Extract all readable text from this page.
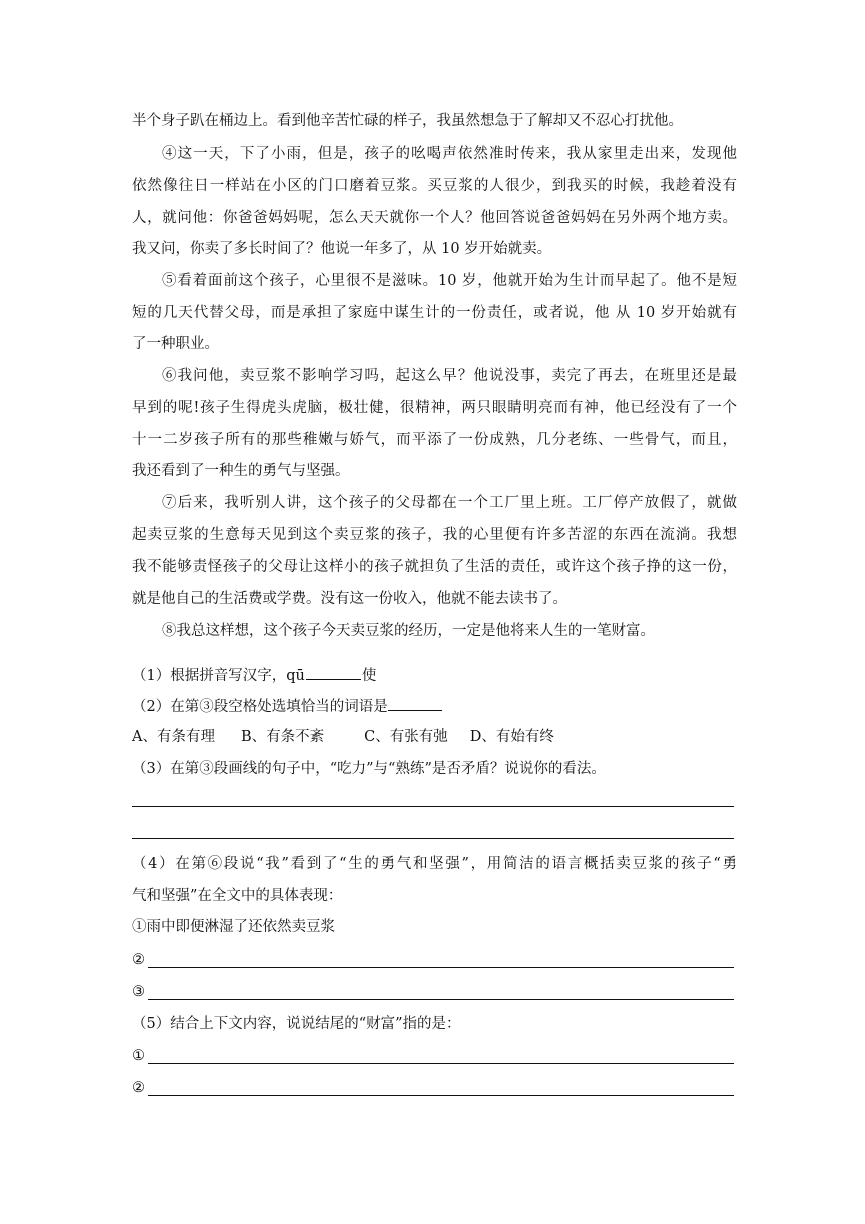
半个身子趴在桶边上。看到他辛苦忙碌的样子，我虽然想急于了解却又不忍心打扰他。
④这一天，下了小雨，但是，孩子的吆喝声依然准时传来，我从家里走出来，发现他
依然像往日一样站在小区的门口磨着豆浆。买豆浆的人很少，到我买的时候，我趁着没有
人，就问他：你爸爸妈妈呢，怎么天天就你一个人？他回答说爸爸妈妈在另外两个地方卖。
我又问，你卖了多长时间了？他说一年多了，从 10 岁开始就卖。
⑤看着面前这个孩子，心里很不是滋味。10 岁，他就开始为生计而早起了。他不是短
短的几天代替父母，而是承担了家庭中谋生计的一份责任，或者说，他 从 10 岁开始就有
了一种职业。
⑥我问他，卖豆浆不影响学习吗，起这么早？他说没事，卖完了再去，在班里还是最
早到的呢!孩子生得虎头虎脑，极壮健，很精神，两只眼睛明亮而有神，他已经没有了一个
十一二岁孩子所有的那些稚嫩与娇气，而平添了一份成熟，几分老练、一些骨气，而且，
我还看到了一种生的勇气与坚强。
⑦后来，我听别人讲，这个孩子的父母都在一个工厂里上班。工厂停产放假了，就做
起卖豆浆的生意每天见到这个卖豆浆的孩子，我的心里便有许多苦涩的东西在流淌。我想
我不能够责怪孩子的父母让这样小的孩子就担负了生活的责任，或许这个孩子挣的这一份，
就是他自己的生活费或学费。没有这一份收入，他就不能去读书了。
⑧我总这样想，这个孩子今天卖豆浆的经历，一定是他将来人生的一笔财富。
（1）根据拼音写汉字，qū	使
（2）在第③段空格处选填恰当的词语是
A、有条有理 B、有条不紊	C、有张有弛 D、有始有终
（3）在第③段画线的句子中，“吃力”与“熟练”是否矛盾？说说你的看法。
（4）在第⑥段说“我”看到了“生的勇气和坚强”，用简洁的语言概括卖豆浆的孩子“勇
气和坚强”在全文中的具体表现：
①雨中即便淋湿了还依然卖豆浆
②
③
（5）结合上下文内容，说说结尾的“财富”指的是：
①
②
